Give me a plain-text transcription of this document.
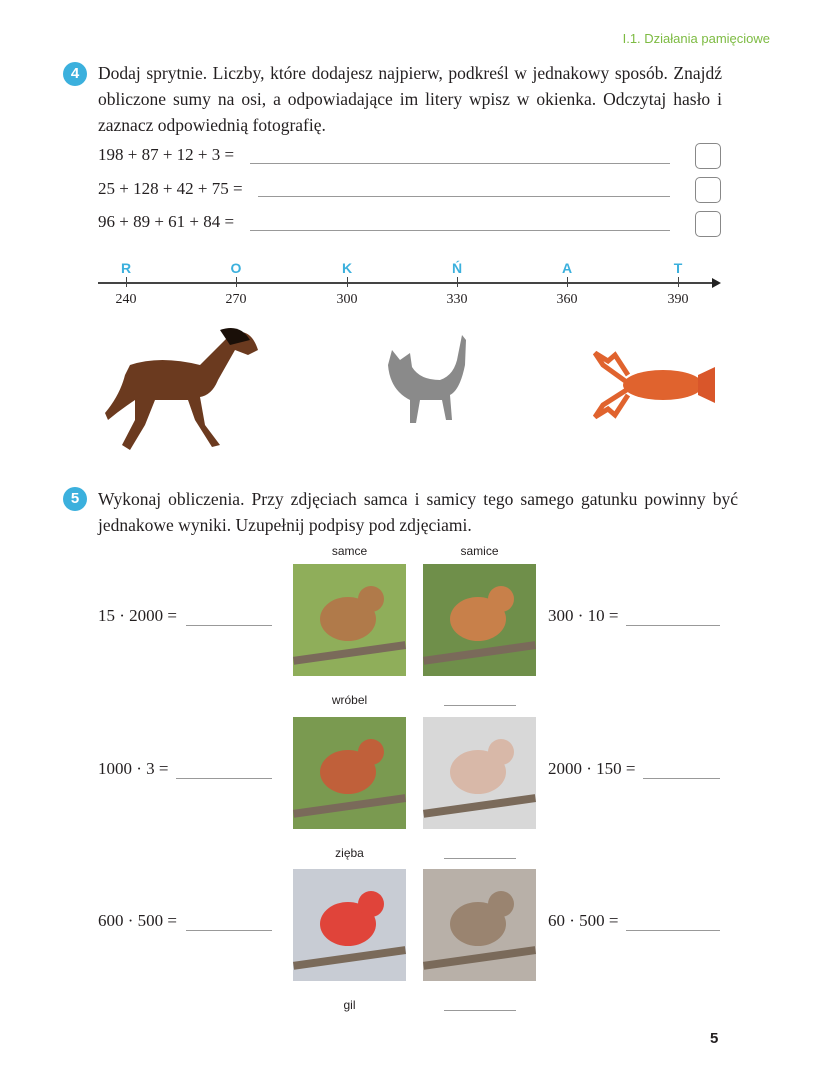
I.1. Działania pamięciowe
4	Dodaj sprytnie. Liczby, które dodajesz najpierw, podkreśl w jednakowy sposób. Znajdź obliczone sumy na osi, a odpowiadające im litery wpisz w okienka. Odczytaj hasło i zaznacz odpowiednią fotografię.
198 + 87 + 12 + 3 =
25 + 128 + 42 + 75 =
96 + 89 + 61 + 84 =
R
240
O
270
K
300
Ń
330
A
360
T
390
5	Wykonaj obliczenia. Przy zdjęciach samca i samicy tego samego gatunku powinny być jednakowe wyniki. Uzupełnij podpisy pod zdjęciami.
samce	samice
15 · 2000 =	300 · 10 =
wróbel
1000 · 3 =	2000 · 150 =
zięba
600 · 500 =	60 · 500 =
gil
5
